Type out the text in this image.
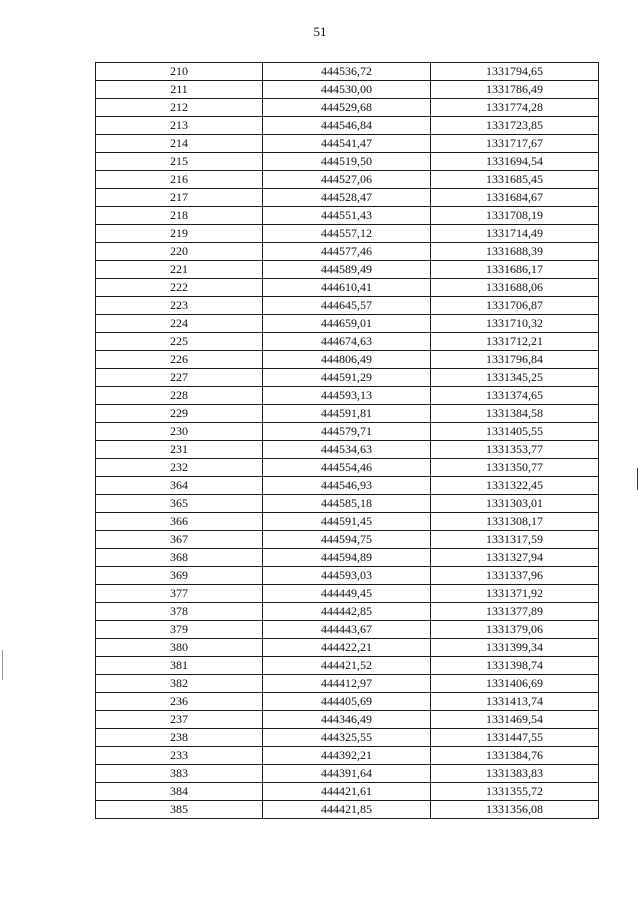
51
210	444536,72	1331794,65
211	444530,00	1331786,49
212	444529,68	1331774,28
213	444546,84	1331723,85
214	444541,47	1331717,67
215	444519,50	1331694,54
216	444527,06	1331685,45
217	444528,47	1331684,67
218	444551,43	1331708,19
219	444557,12	1331714,49
220	444577,46	1331688,39
221	444589,49	1331686,17
222	444610,41	1331688,06
223	444645,57	1331706,87
224	444659,01	1331710,32
225	444674,63	1331712,21
226	444806,49	1331796,84
227	444591,29	1331345,25
228	444593,13	1331374,65
229	444591,81	1331384,58
230	444579,71	1331405,55
231	444534,63	1331353,77
232	444554,46	1331350,77
364	444546,93	1331322,45
365	444585,18	1331303,01
366	444591,45	1331308,17
367	444594,75	1331317,59
368	444594,89	1331327,94
369	444593,03	1331337,96
377	444449,45	1331371,92
378	444442,85	1331377,89
379	444443,67	1331379,06
380	444422,21	1331399,34
381	444421,52	1331398,74
382	444412,97	1331406,69
236	444405,69	1331413,74
237	444346,49	1331469,54
238	444325,55	1331447,55
233	444392,21	1331384,76
383	444391,64	1331383,83
384	444421,61	1331355,72
385	444421,85	1331356,08
